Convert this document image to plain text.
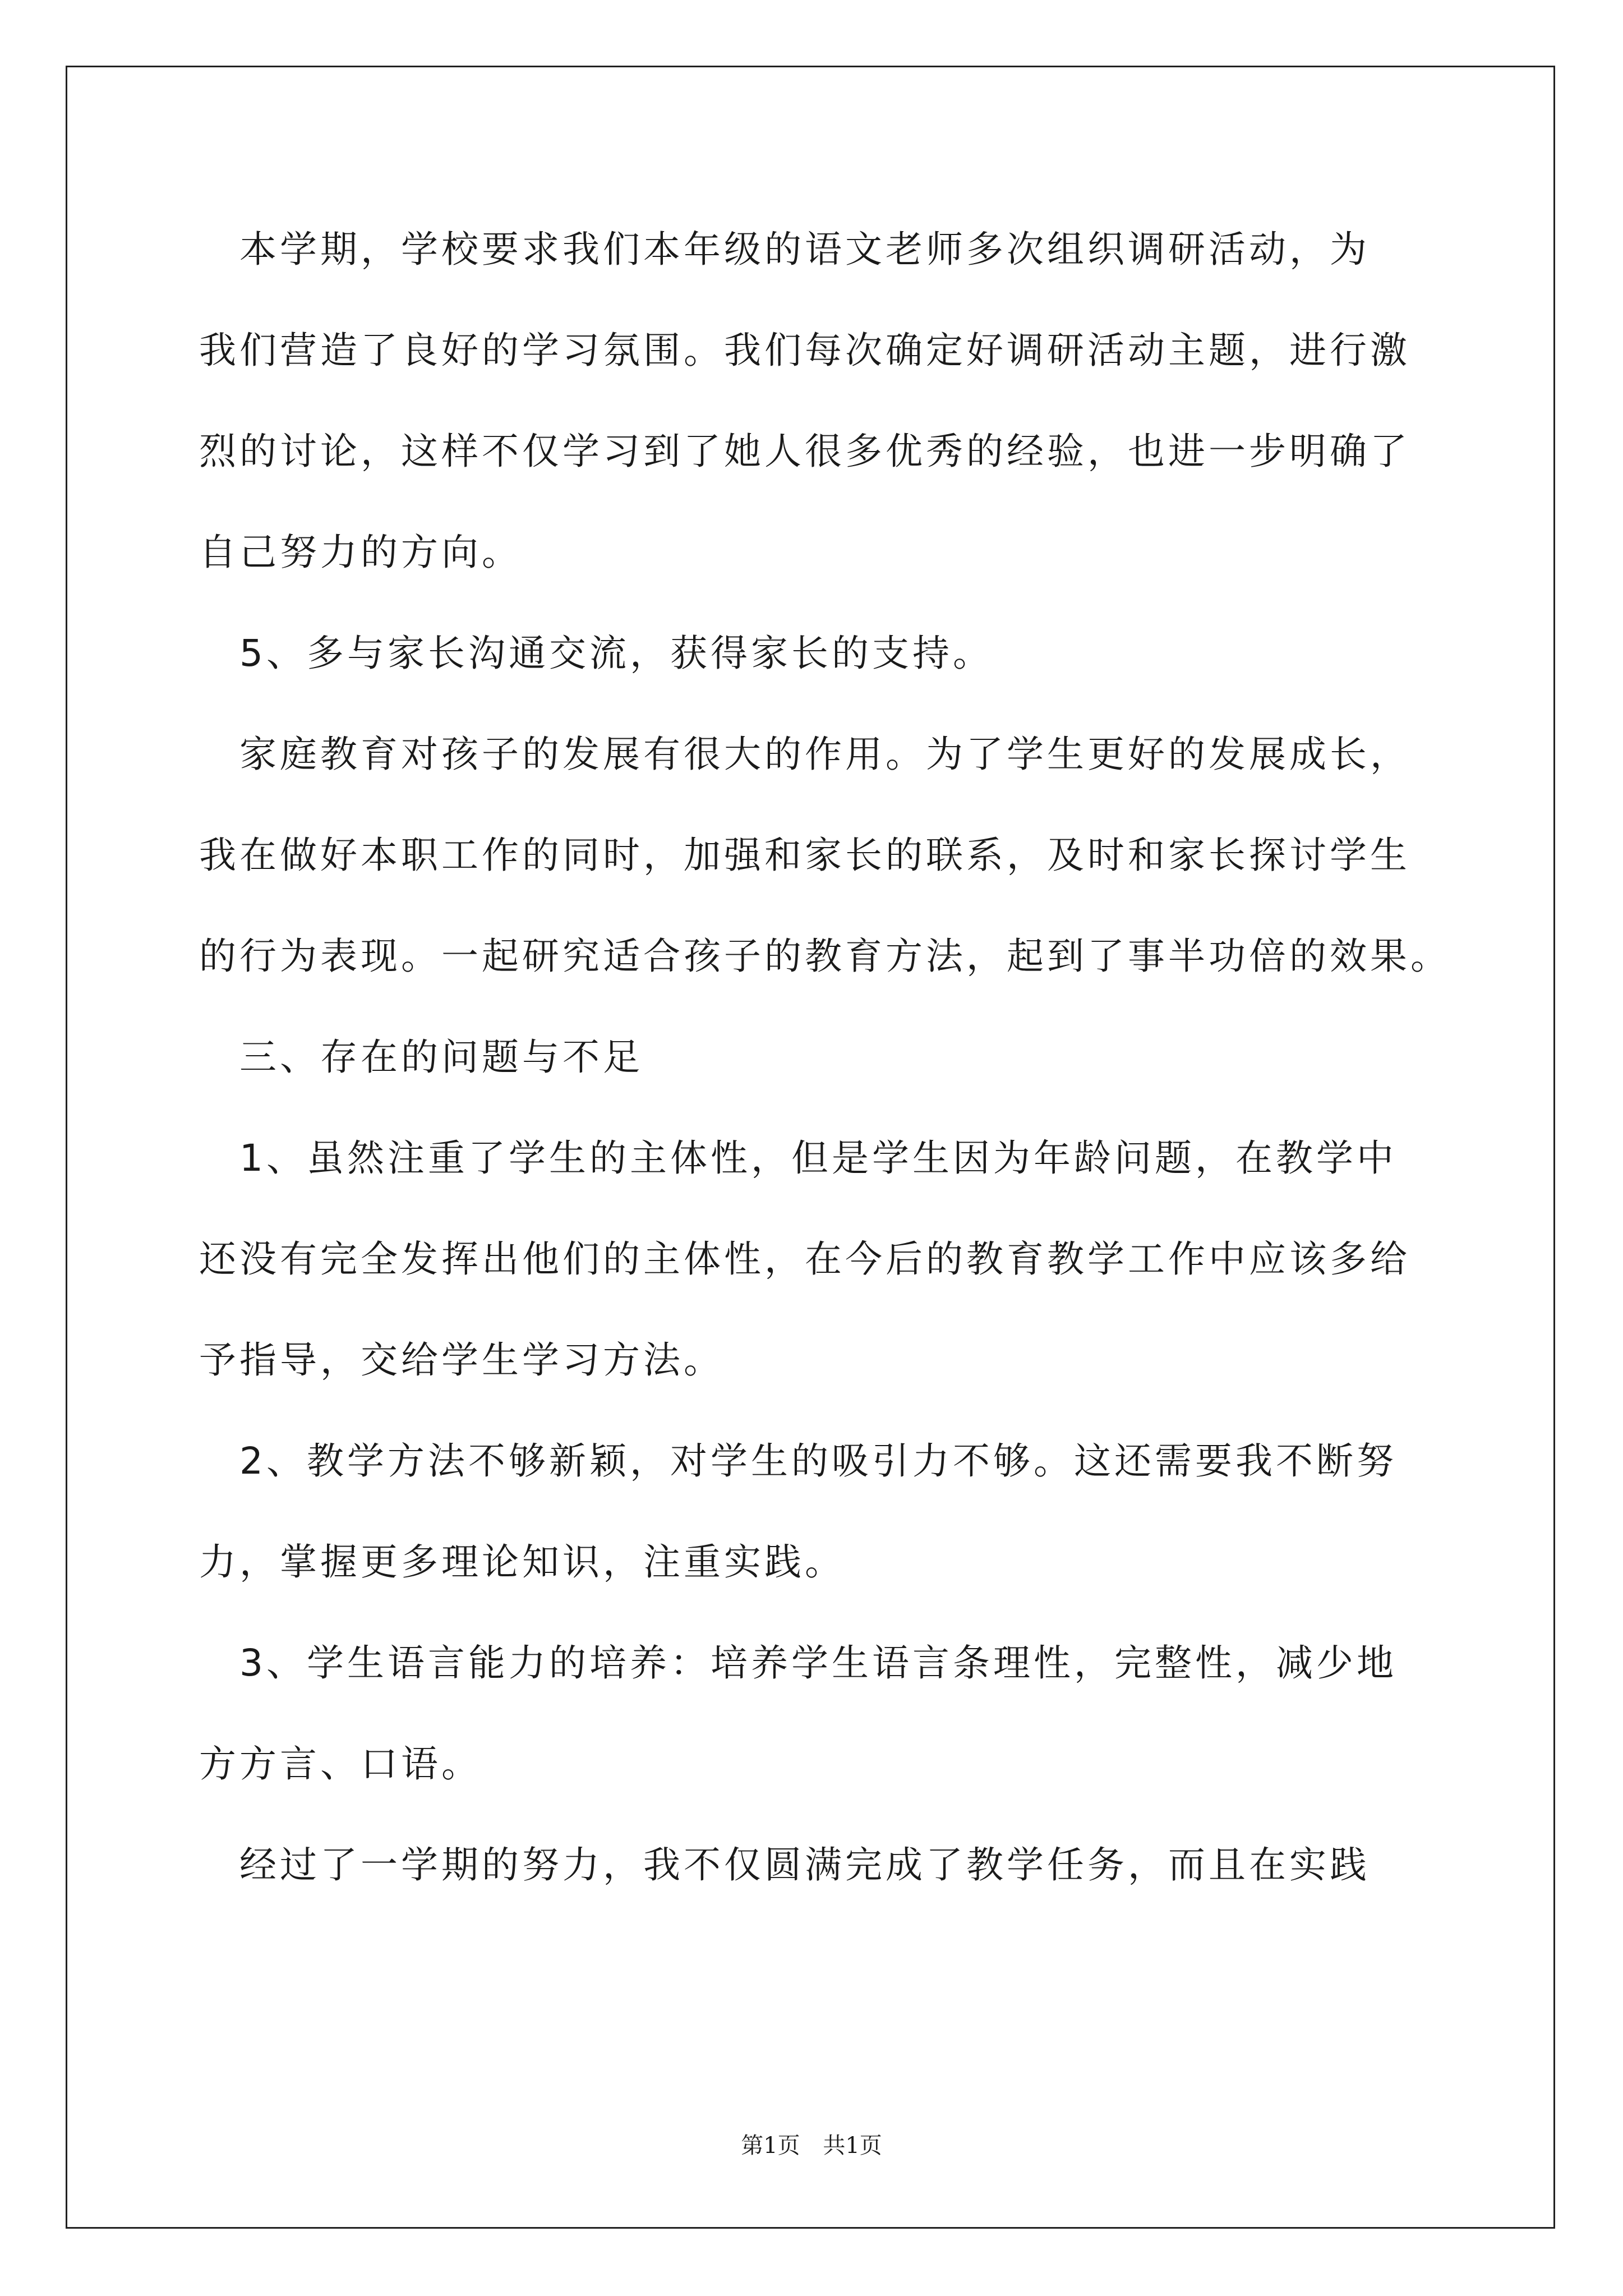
　本学期，学校要求我们本年级的语文老师多次组织调研活动，为
我们营造了良好的学习氛围。我们每次确定好调研活动主题，进行激
烈的讨论，这样不仅学习到了她人很多优秀的经验，也进一步明确了
自己努力的方向。
　5、多与家长沟通交流，获得家长的支持。
　家庭教育对孩子的发展有很大的作用。为了学生更好的发展成长，
我在做好本职工作的同时，加强和家长的联系，及时和家长探讨学生
的行为表现。一起研究适合孩子的教育方法，起到了事半功倍的效果。
　三、存在的问题与不足
　1、虽然注重了学生的主体性，但是学生因为年龄问题，在教学中
还没有完全发挥出他们的主体性，在今后的教育教学工作中应该多给
予指导，交给学生学习方法。
　2、教学方法不够新颖，对学生的吸引力不够。这还需要我不断努
力，掌握更多理论知识，注重实践。
　3、学生语言能力的培养：培养学生语言条理性，完整性，减少地
方方言、口语。
　经过了一学期的努力，我不仅圆满完成了教学任务，而且在实践
第1页 共1页
